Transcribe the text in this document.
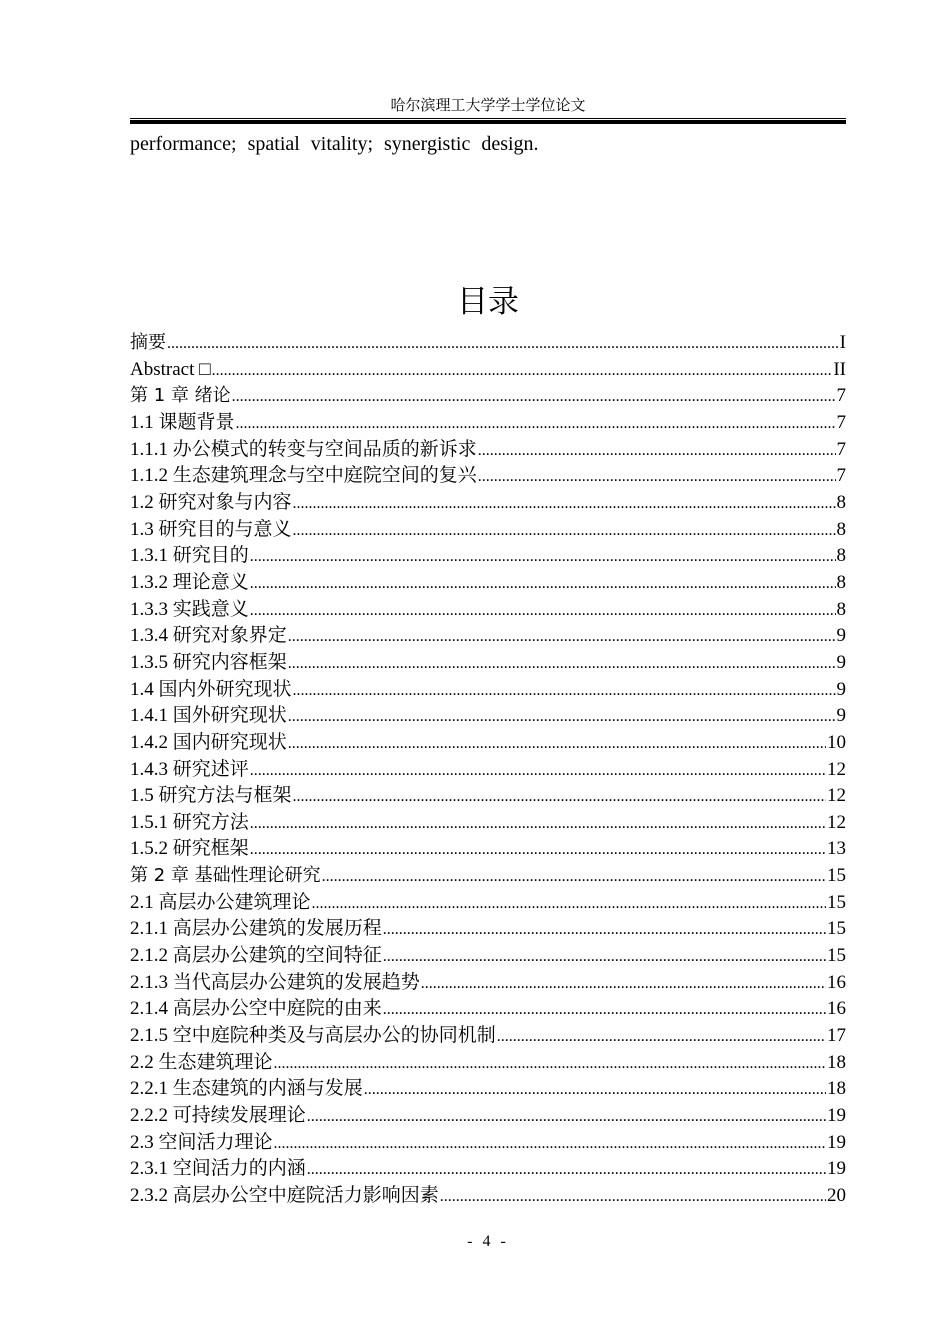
哈尔滨理工大学学士学位论文
performance; spatial vitality; synergistic design.
目录
摘要 .....	I
Abstract □ .....	II
第 1 章 绪论 .....	7
1.1 课题背景 .....	7
1.1.1 办公模式的转变与空间品质的新诉求 .....	7
1.1.2 生态建筑理念与空中庭院空间的复兴 .....	7
1.2 研究对象与内容 .....	8
1.3 研究目的与意义 .....	8
1.3.1 研究目的 .....	8
1.3.2 理论意义 .....	8
1.3.3 实践意义 .....	8
1.3.4 研究对象界定 .....	9
1.3.5 研究内容框架 .....	9
1.4 国内外研究现状 .....	9
1.4.1 国外研究现状 .....	9
1.4.2 国内研究现状 .....	10
1.4.3 研究述评 .....	12
1.5 研究方法与框架 .....	12
1.5.1 研究方法 .....	12
1.5.2 研究框架 .....	13
第 2 章 基础性理论研究 .....	15
2.1 高层办公建筑理论 .....	15
2.1.1 高层办公建筑的发展历程 .....	15
2.1.2 高层办公建筑的空间特征 .....	15
2.1.3 当代高层办公建筑的发展趋势 .....	16
2.1.4 高层办公空中庭院的由来 .....	16
2.1.5 空中庭院种类及与高层办公的协同机制 .....	17
2.2 生态建筑理论 .....	18
2.2.1 生态建筑的内涵与发展 .....	18
2.2.2 可持续发展理论 .....	19
2.3 空间活力理论 .....	19
2.3.1 空间活力的内涵 .....	19
2.3.2 高层办公空中庭院活力影响因素 .....	20
- 4 -
